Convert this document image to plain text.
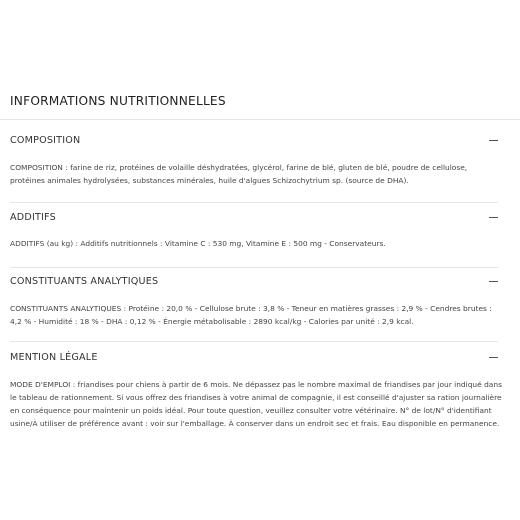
INFORMATIONS NUTRITIONNELLES
COMPOSITION

COMPOSITION : farine de riz, protéines de volaille déshydratées, glycérol, farine de blé, gluten de blé, poudre de cellulose, protéines animales hydrolysées, substances minérales, huile d'algues Schizochytrium sp. (source de DHA).

ADDITIFS

ADDITIFS (au kg) : Additifs nutritionnels : Vitamine C : 530 mg, Vitamine E : 500 mg - Conservateurs.

CONSTITUANTS ANALYTIQUES

CONSTITUANTS ANALYTIQUES : Protéine : 20,0 % - Cellulose brute : 3,8 % - Teneur en matières grasses : 2,9 % - Cendres brutes : 4,2 % - Humidité : 18 % - DHA : 0,12 % - Énergie métabolisable : 2890 kcal/kg - Calories par unité : 2,9 kcal.

MENTION LÉGALE

MODE D'EMPLOI : friandises pour chiens à partir de 6 mois. Ne dépassez pas le nombre maximal de friandises par jour indiqué dans le tableau de rationnement. Si vous offrez des friandises à votre animal de compagnie, il est conseillé d'ajuster sa ration journalière en conséquence pour maintenir un poids idéal. Pour toute question, veuillez consulter votre vétérinaire. N° de lot/N° d'identifiant usine/À utiliser de préférence avant : voir sur l'emballage. À conserver dans un endroit sec et frais. Eau disponible en permanence.
